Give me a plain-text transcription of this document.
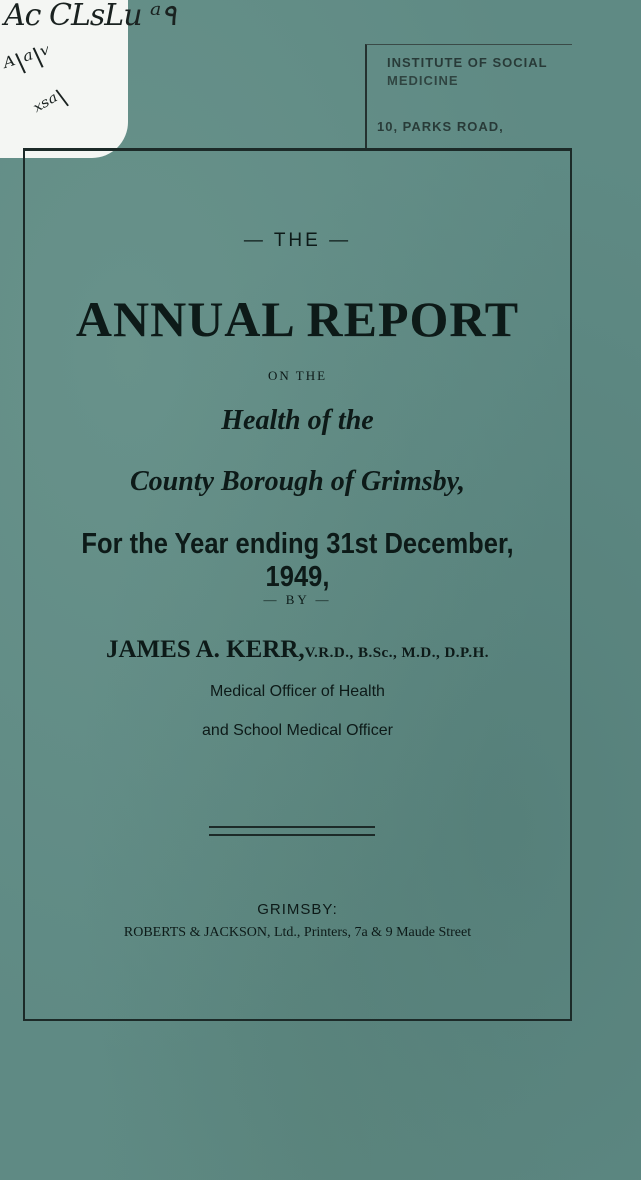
Ac CLsLu ᵃ٩
ᴬ\ᵃ\ᵛ
ˣˢᵃ\
INSTITUTE OF SOCIAL
MEDICINE
10, PARKS ROAD,
— THE —
ANNUAL REPORT
ON THE
Health of the
County Borough of Grimsby,
For the Year ending 31st December, 1949,
— BY —
JAMES A. KERR,V.R.D., B.Sc., M.D., D.P.H.
Medical Officer of Health
and School Medical Officer
GRIMSBY:
ROBERTS & JACKSON, Ltd., Printers, 7a & 9 Maude Street
